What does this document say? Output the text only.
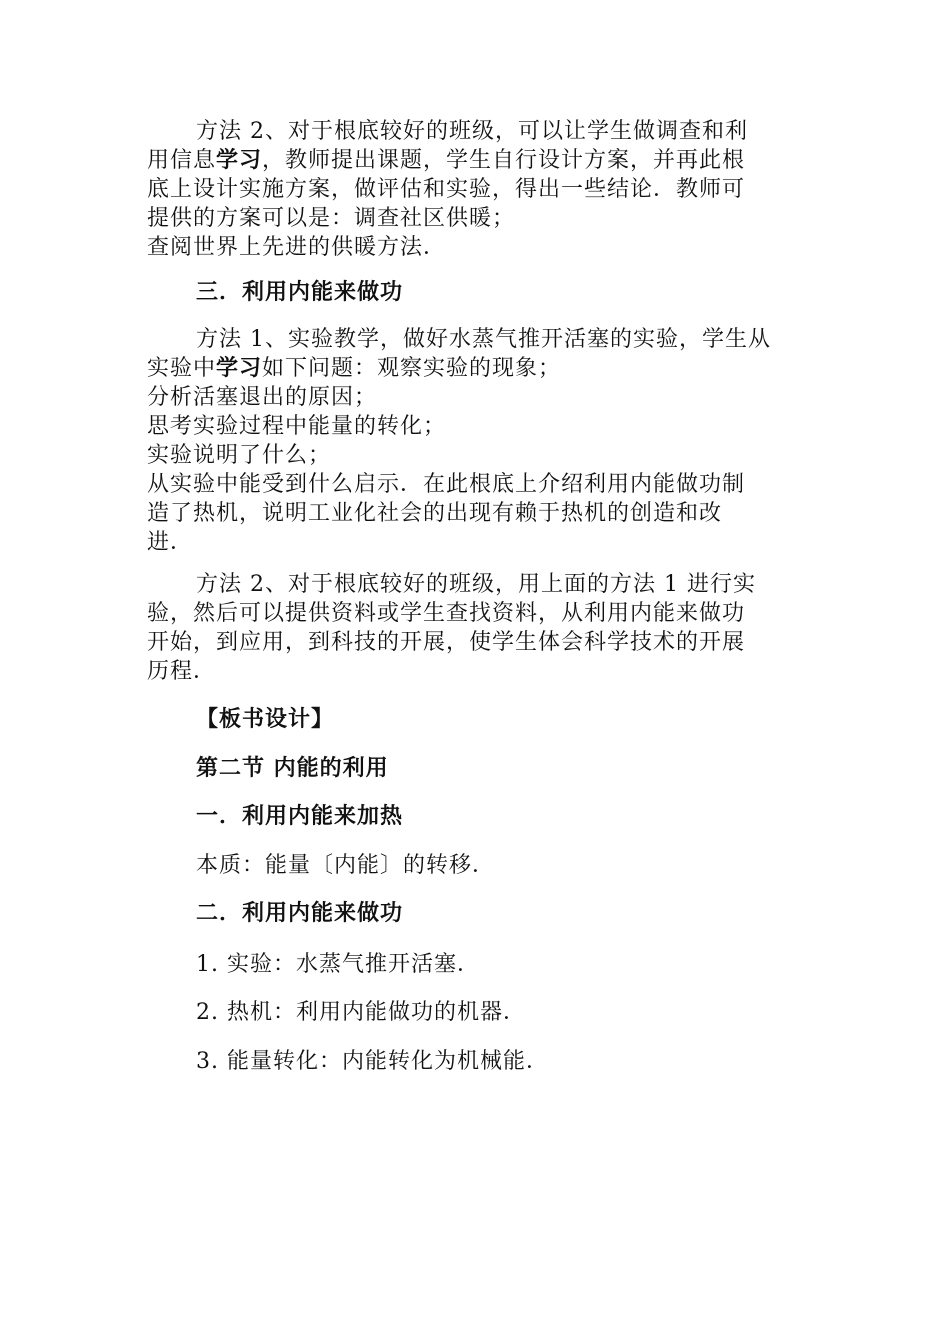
方法 2、对于根底较好的班级，可以让学生做调查和利
用信息学习，教师提出课题，学生自行设计方案，并再此根
底上设计实施方案，做评估和实验，得出一些结论．教师可
提供的方案可以是：调查社区供暖；
查阅世界上先进的供暖方法．
三．利用内能来做功
方法 1、实验教学，做好水蒸气推开活塞的实验，学生从
实验中学习如下问题：观察实验的现象；
分析活塞退出的原因；
思考实验过程中能量的转化；
实验说明了什么；
从实验中能受到什么启示．在此根底上介绍利用内能做功制
造了热机，说明工业化社会的出现有赖于热机的创造和改
进．
方法 2、对于根底较好的班级，用上面的方法 1 进行实
验，然后可以提供资料或学生查找资料，从利用内能来做功
开始，到应用，到科技的开展，使学生体会科学技术的开展
历程．
【板书设计】
第二节 内能的利用
一．利用内能来加热
本质：能量〔内能〕的转移．
二．利用内能来做功
1. 实验：水蒸气推开活塞．
2. 热机：利用内能做功的机器．
3. 能量转化：内能转化为机械能．
